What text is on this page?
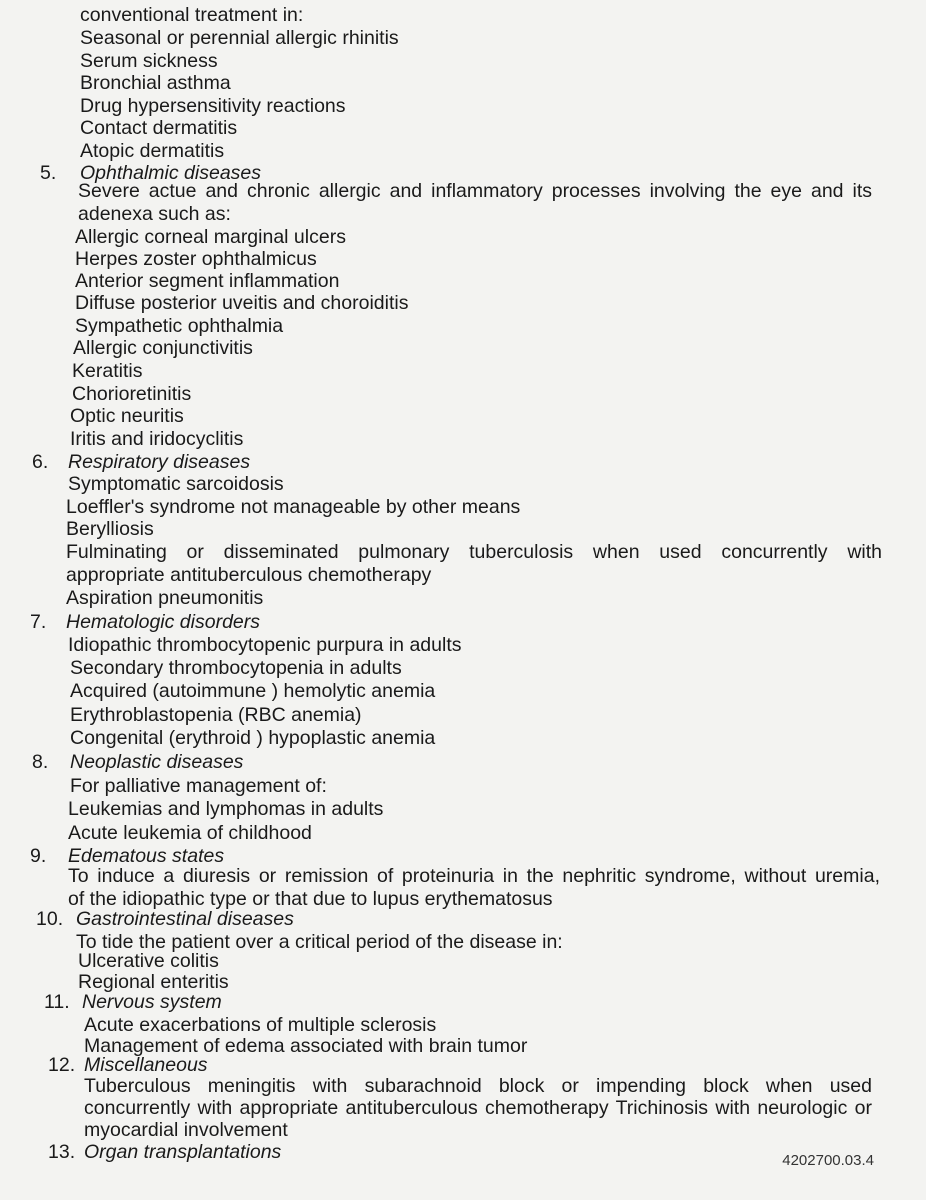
conventional treatment in:
Seasonal or perennial allergic rhinitis
Serum sickness
Bronchial asthma
Drug hypersensitivity reactions
Contact dermatitis
Atopic dermatitis
5. Ophthalmic diseases
Severe actue and chronic allergic and inflammatory processes involving the eye and its
adenexa such as:
Allergic corneal marginal ulcers
Herpes zoster ophthalmicus
Anterior segment inflammation
Diffuse posterior uveitis and choroiditis
Sympathetic ophthalmia
Allergic conjunctivitis
Keratitis
Chorioretinitis
Optic neuritis
Iritis and iridocyclitis
6. Respiratory diseases
Symptomatic sarcoidosis
Loeffler's syndrome not manageable by other means
Berylliosis
Fulminating or disseminated pulmonary tuberculosis when used concurrently with
appropriate antituberculous chemotherapy
Aspiration pneumonitis
7. Hematologic disorders
Idiopathic thrombocytopenic purpura in adults
Secondary thrombocytopenia in adults
Acquired (autoimmune ) hemolytic anemia
Erythroblastopenia (RBC anemia)
Congenital (erythroid ) hypoplastic anemia
8. Neoplastic diseases
For palliative management of:
Leukemias and lymphomas in adults
Acute leukemia of childhood
9. Edematous states
To induce a diuresis or remission of proteinuria in the nephritic syndrome, without uremia,
of the idiopathic type or that due to lupus erythematosus
10. Gastrointestinal diseases
To tide the patient over a critical period of the disease in:
Ulcerative colitis
Regional enteritis
11. Nervous system
Acute exacerbations of multiple sclerosis
Management of edema associated with brain tumor
12. Miscellaneous
Tuberculous meningitis with subarachnoid block or impending block when used
concurrently with appropriate antituberculous chemotherapy Trichinosis with neurologic or
myocardial involvement
13. Organ transplantations	4202700.03.4
